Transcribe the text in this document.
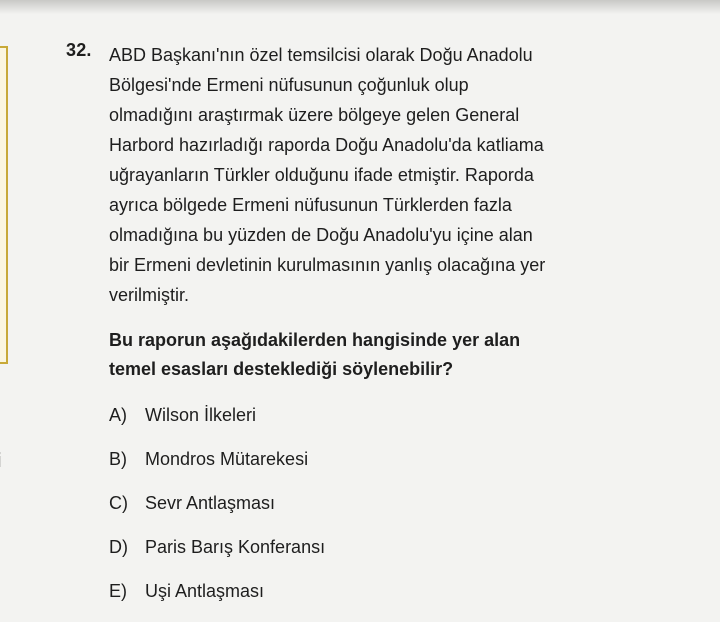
32. ABD Başkanı'nın özel temsilcisi olarak Doğu Anadolu
Bölgesi'nde Ermeni nüfusunun çoğunluk olup
olmadığını araştırmak üzere bölgeye gelen General
Harbord hazırladığı raporda Doğu Anadolu'da katliama
uğrayanların Türkler olduğunu ifade etmiştir. Raporda
ayrıca bölgede Ermeni nüfusunun Türklerden fazla
olmadığına bu yüzden de Doğu Anadolu'yu içine alan
bir Ermeni devletinin kurulmasının yanlış olacağına yer
verilmiştir.
Bu raporun aşağıdakilerden hangisinde yer alan
temel esasları desteklediği söylenebilir?
A)	Wilson İlkeleri
B)	Mondros Mütarekesi
C) Sevr Antlaşması
D) Paris Barış Konferansı
E)	Uşi Antlaşması
